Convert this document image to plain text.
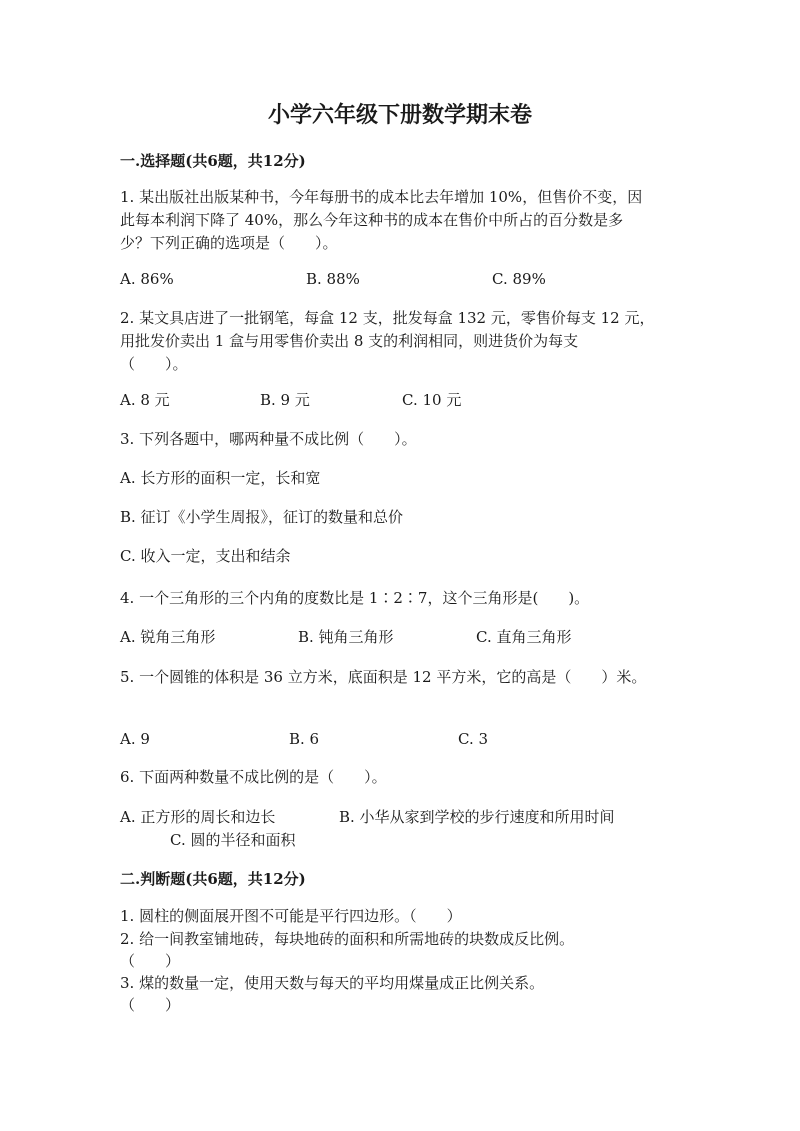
小学六年级下册数学期末卷
一.选择题(共6题，共12分)
1. 某出版社出版某种书，今年每册书的成本比去年增加 10%，但售价不变，因
此每本利润下降了 40%，那么今年这种书的成本在售价中所占的百分数是多
少？下列正确的选项是（　　）。
A. 86%	B. 88%	C. 89%
2. 某文具店进了一批钢笔，每盒 12 支，批发每盒 132 元，零售价每支 12 元，
用批发价卖出 1 盒与用零售价卖出 8 支的利润相同，则进货价为每支
（　　）。
A. 8 元	B. 9 元	C. 10 元
3. 下列各题中，哪两种量不成比例（　　）。
A. 长方形的面积一定，长和宽
B. 征订《小学生周报》，征订的数量和总价
C. 收入一定，支出和结余
4. 一个三角形的三个内角的度数比是 1∶2∶7，这个三角形是(　　)。
A. 锐角三角形	B. 钝角三角形	C. 直角三角形
5. 一个圆锥的体积是 36 立方米，底面积是 12 平方米，它的高是（　　）米。
A. 9	B. 6	C. 3
6. 下面两种数量不成比例的是（　　）。
A. 正方形的周长和边长	B. 小华从家到学校的步行速度和所用时间
C. 圆的半径和面积
二.判断题(共6题，共12分)
1. 圆柱的侧面展开图不可能是平行四边形。（　　）
2. 给一间教室铺地砖，每块地砖的面积和所需地砖的块数成反比例。
（　　）
3. 煤的数量一定，使用天数与每天的平均用煤量成正比例关系。
（　　）
